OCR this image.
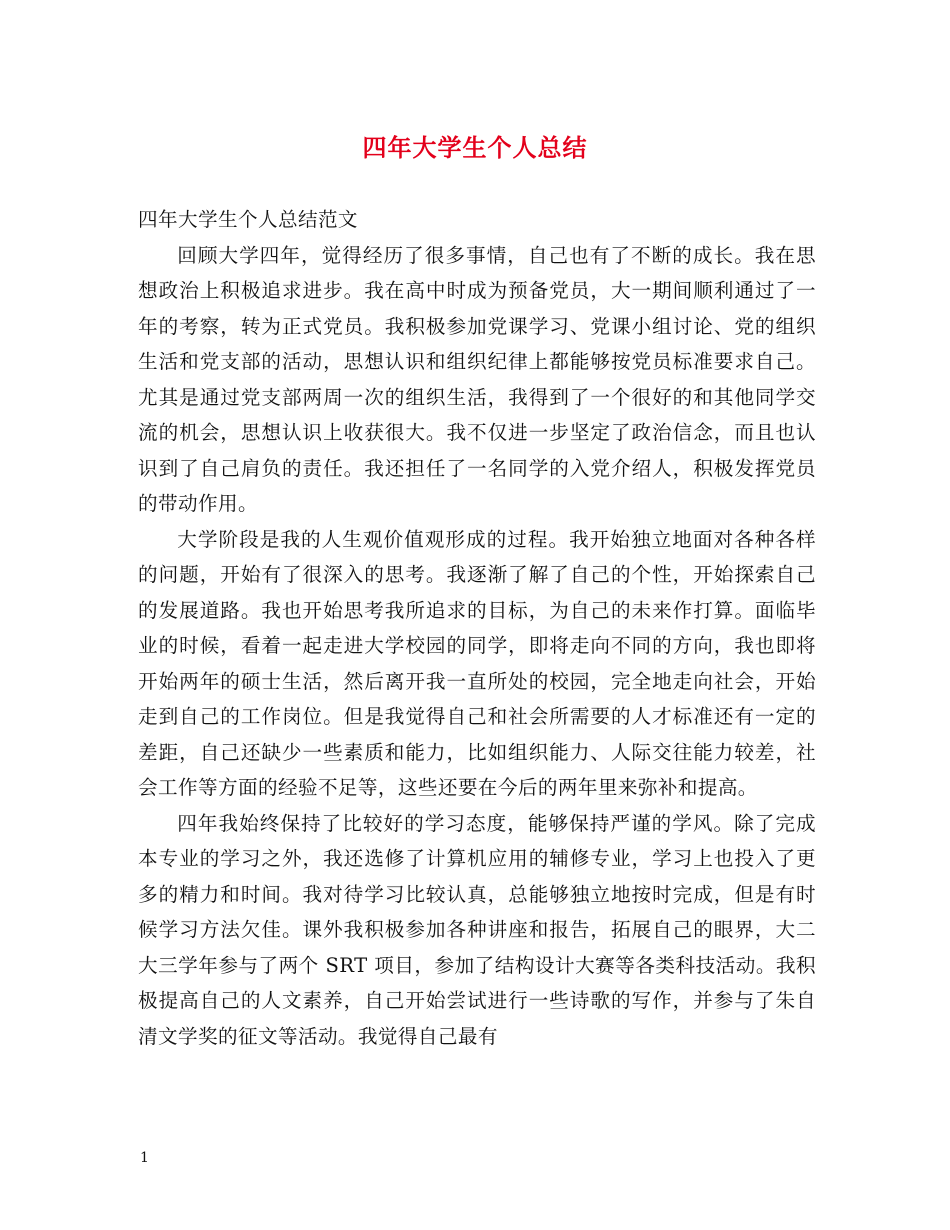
四年大学生个人总结

四年大学生个人总结范文

回顾大学四年，觉得经历了很多事情，自己也有了不断的成长。我在思想政治上积极追求进步。我在高中时成为预备党员，大一期间顺利通过了一年的考察，转为正式党员。我积极参加党课学习、党课小组讨论、党的组织生活和党支部的活动，思想认识和组织纪律上都能够按党员标准要求自己。尤其是通过党支部两周一次的组织生活，我得到了一个很好的和其他同学交流的机会，思想认识上收获很大。我不仅进一步坚定了政治信念，而且也认识到了自己肩负的责任。我还担任了一名同学的入党介绍人，积极发挥党员的带动作用。

大学阶段是我的人生观价值观形成的过程。我开始独立地面对各种各样的问题，开始有了很深入的思考。我逐渐了解了自己的个性，开始探索自己的发展道路。我也开始思考我所追求的目标，为自己的未来作打算。面临毕业的时候，看着一起走进大学校园的同学，即将走向不同的方向，我也即将开始两年的硕士生活，然后离开我一直所处的校园，完全地走向社会，开始走到自己的工作岗位。但是我觉得自己和社会所需要的人才标准还有一定的差距，自己还缺少一些素质和能力，比如组织能力、人际交往能力较差，社会工作等方面的经验不足等，这些还要在今后的两年里来弥补和提高。

四年我始终保持了比较好的学习态度，能够保持严谨的学风。除了完成本专业的学习之外，我还选修了计算机应用的辅修专业，学习上也投入了更多的精力和时间。我对待学习比较认真，总能够独立地按时完成，但是有时候学习方法欠佳。课外我积极参加各种讲座和报告，拓展自己的眼界，大二大三学年参与了两个 SRT 项目，参加了结构设计大赛等各类科技活动。我积极提高自己的人文素养，自己开始尝试进行一些诗歌的写作，并参与了朱自清文学奖的征文等活动。我觉得自己最有

1
